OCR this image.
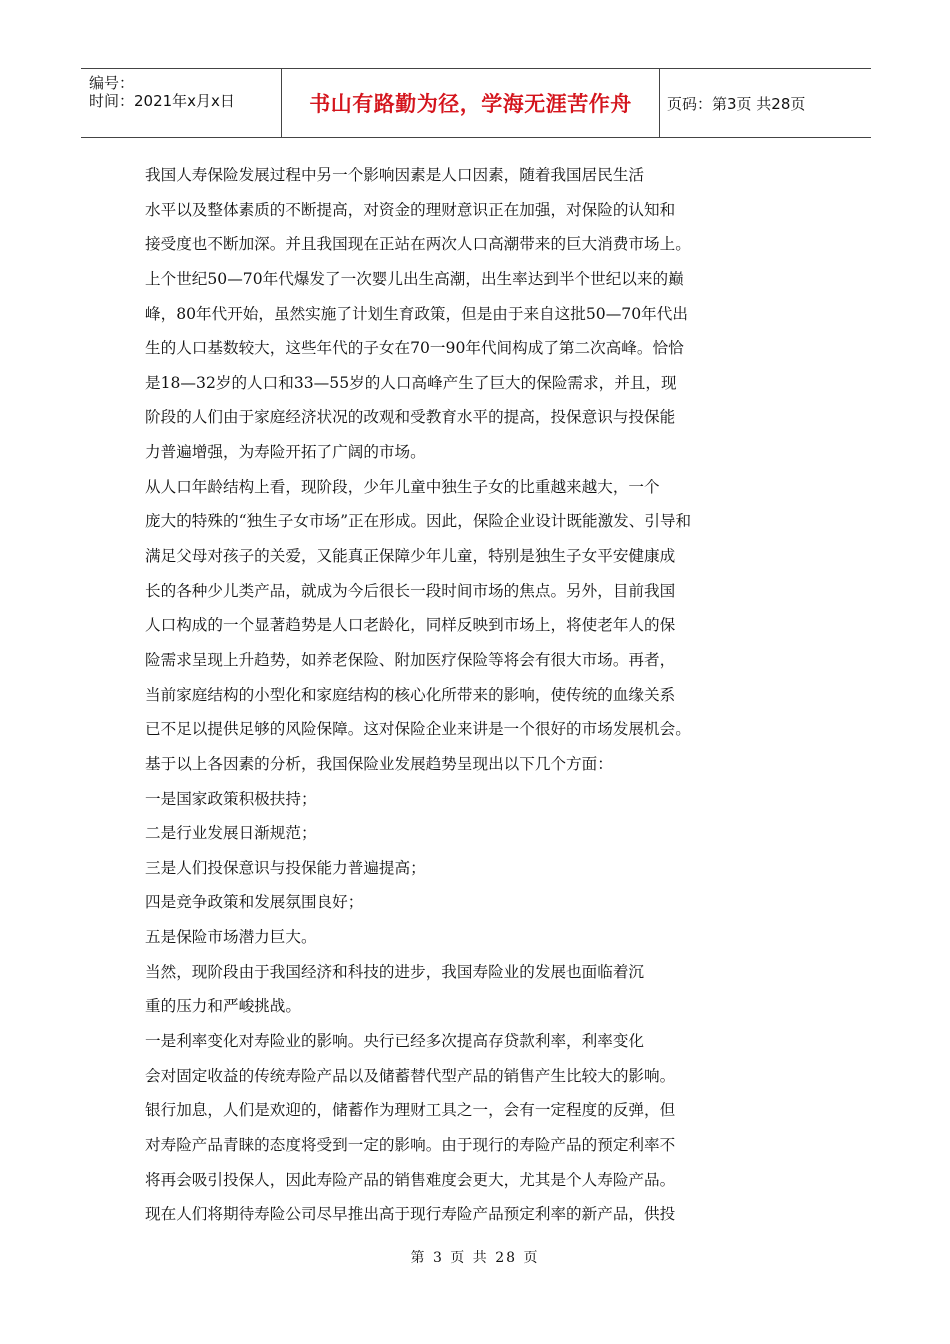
编号：
时间：2021年x月x日	书山有路勤为径，学海无涯苦作舟 页码：第3页 共28页
我国人寿保险发展过程中另一个影响因素是人口因素，随着我国居民生活
水平以及整体素质的不断提高，对资金的理财意识正在加强，对保险的认知和
接受度也不断加深。并且我国现在正站在两次人口高潮带来的巨大消费市场上。
上个世纪50—70年代爆发了一次婴儿出生高潮，出生率达到半个世纪以来的巅
峰，80年代开始，虽然实施了计划生育政策，但是由于来自这批50—70年代出
生的人口基数较大，这些年代的子女在70一90年代间构成了第二次高峰。恰恰
是18—32岁的人口和33—55岁的人口高峰产生了巨大的保险需求，并且，现
阶段的人们由于家庭经济状况的改观和受教育水平的提高，投保意识与投保能
力普遍增强，为寿险开拓了广阔的市场。
从人口年龄结构上看，现阶段，少年儿童中独生子女的比重越来越大，一个
庞大的特殊的“独生子女市场”正在形成。因此，保险企业设计既能激发、引导和
满足父母对孩子的关爱，又能真正保障少年儿童，特别是独生子女平安健康成
长的各种少儿类产品，就成为今后很长一段时间市场的焦点。另外，目前我国
人口构成的一个显著趋势是人口老龄化，同样反映到市场上，将使老年人的保
险需求呈现上升趋势，如养老保险、附加医疗保险等将会有很大市场。再者，
当前家庭结构的小型化和家庭结构的核心化所带来的影响，使传统的血缘关系
已不足以提供足够的风险保障。这对保险企业来讲是一个很好的市场发展机会。
基于以上各因素的分析，我国保险业发展趋势呈现出以下几个方面：
一是国家政策积极扶持；
二是行业发展日渐规范；
三是人们投保意识与投保能力普遍提高；
四是竞争政策和发展氛围良好；
五是保险市场潜力巨大。
当然，现阶段由于我国经济和科技的进步，我国寿险业的发展也面临着沉
重的压力和严峻挑战。
一是利率变化对寿险业的影响。央行已经多次提高存贷款利率，利率变化
会对固定收益的传统寿险产品以及储蓄替代型产品的销售产生比较大的影响。
银行加息，人们是欢迎的，储蓄作为理财工具之一，会有一定程度的反弹，但
对寿险产品青睐的态度将受到一定的影响。由于现行的寿险产品的预定利率不
将再会吸引投保人，因此寿险产品的销售难度会更大，尤其是个人寿险产品。
现在人们将期待寿险公司尽早推出高于现行寿险产品预定利率的新产品，供投
第 3 页 共 28 页
